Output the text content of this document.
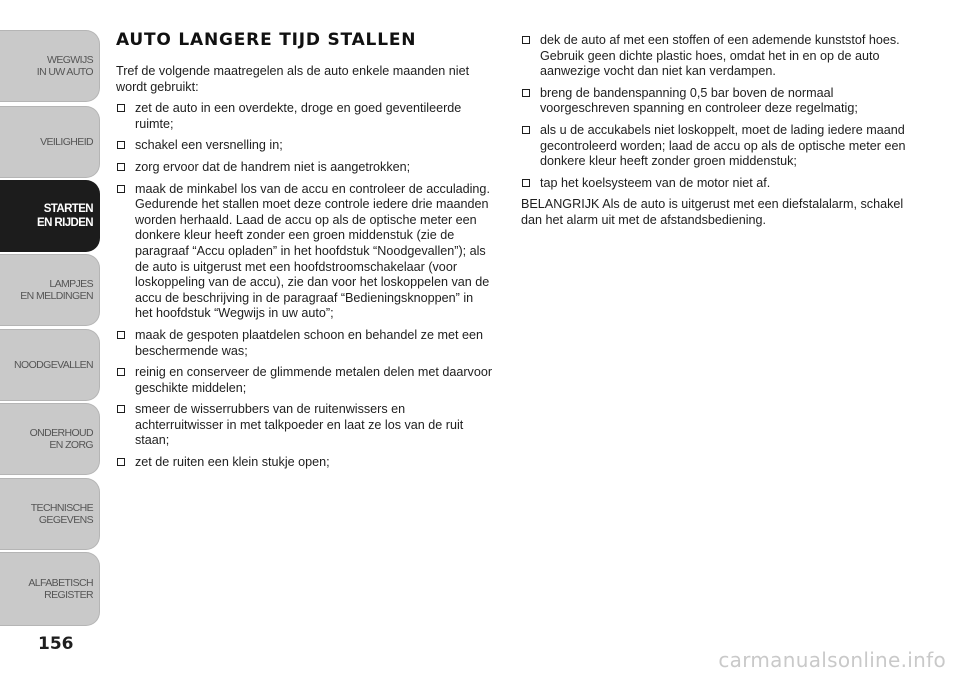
WEGWIJS
IN UW AUTO
VEILIGHEID
STARTEN
EN RIJDEN
LAMPJES
EN MELDINGEN
NOODGEVALLEN
ONDERHOUD
EN ZORG
TECHNISCHE
GEGEVENS
ALFABETISCH
REGISTER
156
AUTO LANGERE TIJD STALLEN

Tref de volgende maatregelen als de auto enkele maanden niet wordt gebruikt:

zet de auto in een overdekte, droge en goed geventileerde ruimte;
schakel een versnelling in;
zorg ervoor dat de handrem niet is aangetrokken;
maak de minkabel los van de accu en controleer de acculading. Gedurende het stallen moet deze controle iedere drie maanden worden herhaald. Laad de accu op als de optische meter een donkere kleur heeft zonder een groen middenstuk (zie de paragraaf “Accu opladen” in het hoofdstuk “Noodgevallen”); als de auto is uitgerust met een hoofdstroomschakelaar (voor loskoppeling van de accu), zie dan voor het loskoppelen van de accu de beschrijving in de paragraaf “Bedieningsknoppen” in het hoofdstuk “Wegwijs in uw auto”;
maak de gespoten plaatdelen schoon en behandel ze met een beschermende was;
reinig en conserveer de glimmende metalen delen met daarvoor geschikte middelen;
smeer de wisserrubbers van de ruitenwissers en achterruitwisser in met talkpoeder en laat ze los van de ruit staan;
zet de ruiten een klein stukje open;
dek de auto af met een stoffen of een ademende kunststof hoes. Gebruik geen dichte plastic hoes, omdat het in en op de auto aanwezige vocht dan niet kan verdampen.
breng de bandenspanning 0,5 bar boven de normaal voorgeschreven spanning en controleer deze regelmatig;
als u de accukabels niet loskoppelt, moet de lading iedere maand gecontroleerd worden; laad de accu op als de optische meter een donkere kleur heeft zonder groen middenstuk;
tap het koelsysteem van de motor niet af.

BELANGRIJK Als de auto is uitgerust met een diefstalalarm, schakel dan het alarm uit met de afstandsbediening.

carmanualsonline.info
